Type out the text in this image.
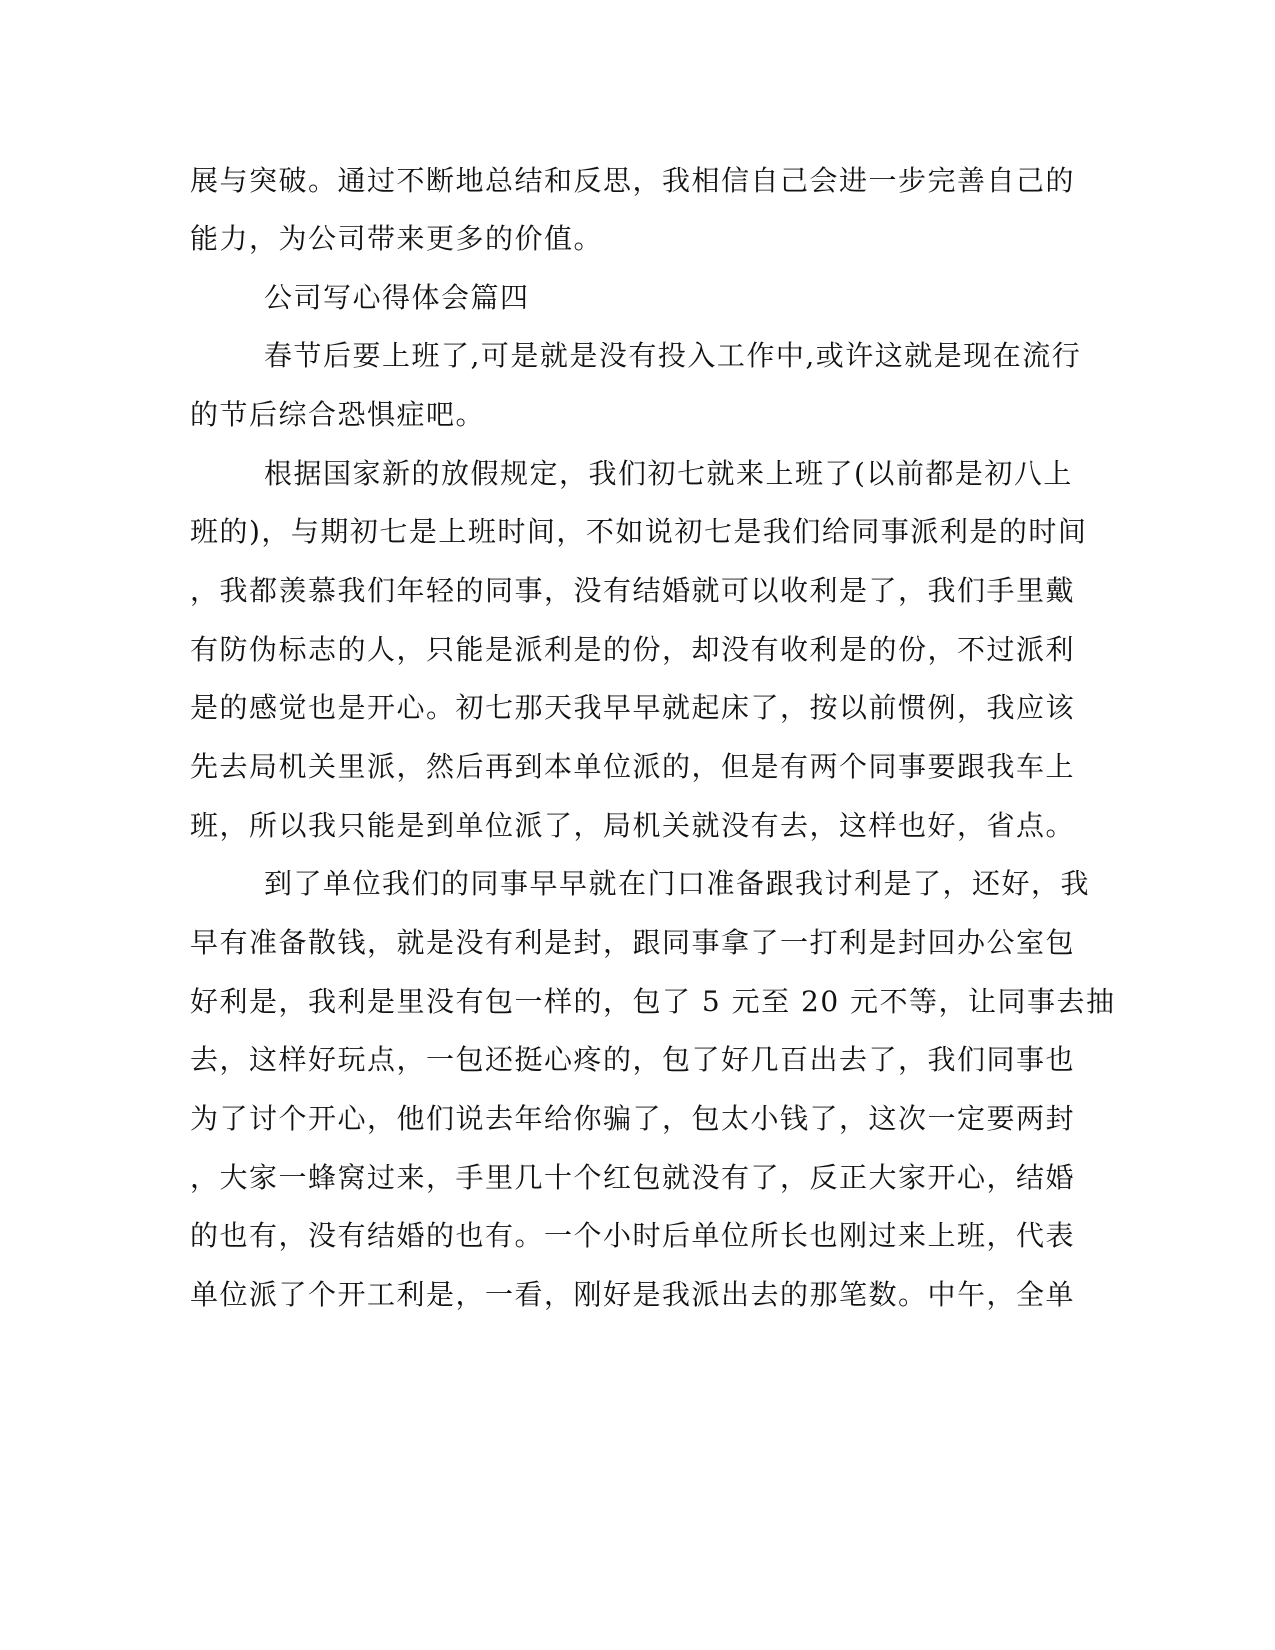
展与突破。通过不断地总结和反思，我相信自己会进一步完善自己的
能力，为公司带来更多的价值。
公司写心得体会篇四
春节后要上班了,可是就是没有投入工作中,或许这就是现在流行
的节后综合恐惧症吧。
根据国家新的放假规定，我们初七就来上班了(以前都是初八上
班的)，与期初七是上班时间，不如说初七是我们给同事派利是的时间
，我都羡慕我们年轻的同事，没有结婚就可以收利是了，我们手里戴
有防伪标志的人，只能是派利是的份，却没有收利是的份，不过派利
是的感觉也是开心。初七那天我早早就起床了，按以前惯例，我应该
先去局机关里派，然后再到本单位派的，但是有两个同事要跟我车上
班，所以我只能是到单位派了，局机关就没有去，这样也好，省点。
到了单位我们的同事早早就在门口准备跟我讨利是了，还好，我
早有准备散钱，就是没有利是封，跟同事拿了一打利是封回办公室包
好利是，我利是里没有包一样的，包了 5 元至 20 元不等，让同事去抽
去，这样好玩点，一包还挺心疼的，包了好几百出去了，我们同事也
为了讨个开心，他们说去年给你骗了，包太小钱了，这次一定要两封
，大家一蜂窝过来，手里几十个红包就没有了，反正大家开心，结婚
的也有，没有结婚的也有。一个小时后单位所长也刚过来上班，代表
单位派了个开工利是，一看，刚好是我派出去的那笔数。中午，全单
